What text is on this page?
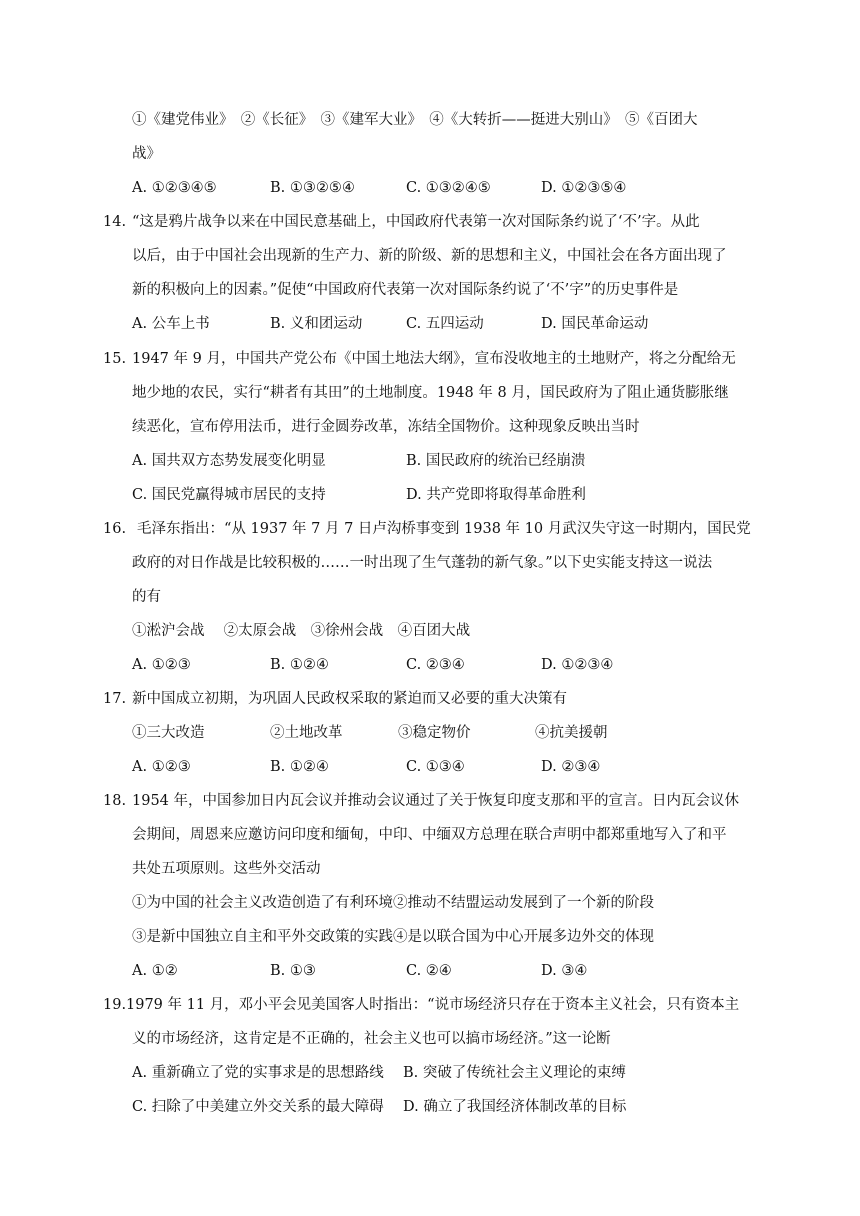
①《建党伟业》　②《长征》　③《建军大业》　④《大转折——挺进大别山》　⑤《百团大
战》
A. ①②③④⑤	B. ①③②⑤④	C. ①③②④⑤	D. ①②③⑤④
14. “这是鸦片战争以来在中国民意基础上，中国政府代表第一次对国际条约说了‘不’字。从此
以后，由于中国社会出现新的生产力、新的阶级、新的思想和主义，中国社会在各方面出现了
新的积极向上的因素。”促使“中国政府代表第一次对国际条约说了‘不’字”的历史事件是
A. 公车上书	B. 义和团运动	C. 五四运动	D. 国民革命运动
15. 1947 年 9 月，中国共产党公布《中国土地法大纲》，宣布没收地主的土地财产，将之分配给无
地少地的农民，实行“耕者有其田”的土地制度。1948 年 8 月，国民政府为了阻止通货膨胀继
续恶化，宣布停用法币，进行金圆券改革，冻结全国物价。这种现象反映出当时
A. 国共双方态势发展变化明显	B. 国民政府的统治已经崩溃
C. 国民党赢得城市居民的支持	D. 共产党即将取得革命胜利
16. 毛泽东指出：“从 1937 年 7 月 7 日卢沟桥事变到 1938 年 10 月武汉失守这一时期内，国民党
政府的对日作战是比较积极的……一时出现了生气蓬勃的新气象。”以下史实能支持这一说法
的有
①淞沪会战　 ②太原会战　③徐州会战　④百团大战
A. ①②③	B. ①②④	C. ②③④	D. ①②③④
17. 新中国成立初期，为巩固人民政权采取的紧迫而又必要的重大决策有
①三大改造	②土地改革	③稳定物价	④抗美援朝
A. ①②③	B. ①②④	C. ①③④	D. ②③④
18. 1954 年，中国参加日内瓦会议并推动会议通过了关于恢复印度支那和平的宣言。日内瓦会议休
会期间，周恩来应邀访问印度和缅甸，中印、中缅双方总理在联合声明中都郑重地写入了和平
共处五项原则。这些外交活动
①为中国的社会主义改造创造了有利环境②推动不结盟运动发展到了一个新的阶段
③是新中国独立自主和平外交政策的实践④是以联合国为中心开展多边外交的体现
A. ①②	B. ①③	C. ②④	D. ③④
19. 1979 年 11 月，邓小平会见美国客人时指出：“说市场经济只存在于资本主义社会，只有资本主
义的市场经济，这肯定是不正确的，社会主义也可以搞市场经济。”这一论断
A. 重新确立了党的实事求是的思想路线 B. 突破了传统社会主义理论的束缚
C. 扫除了中美建立外交关系的最大障碍 D. 确立了我国经济体制改革的目标
